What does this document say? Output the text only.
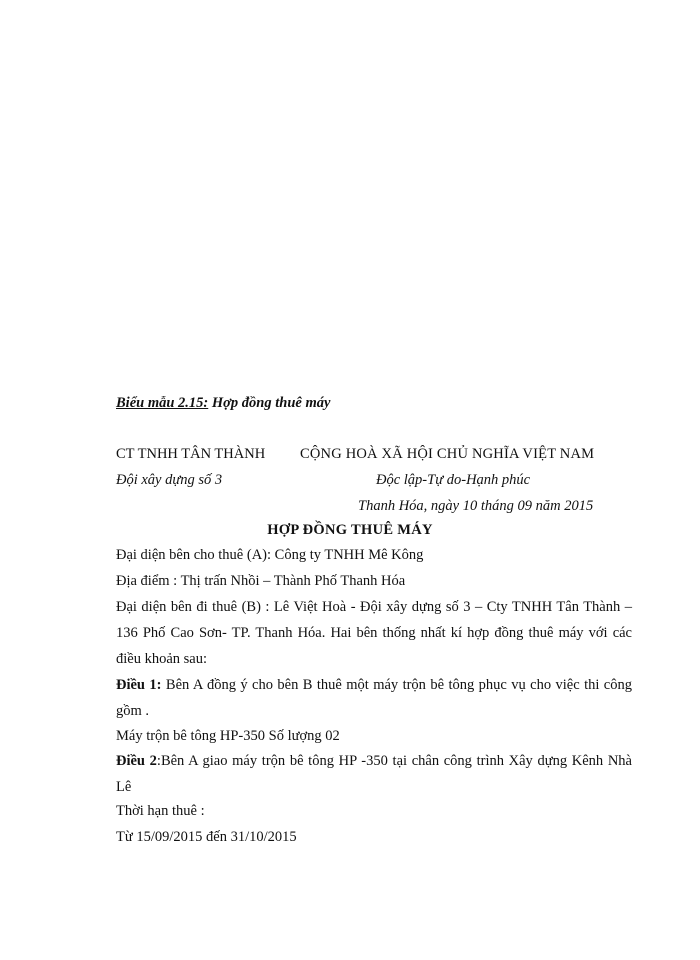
Biểu mẫu 2.15: Hợp đồng thuê máy
CT TNHH TÂN THÀNH CỘNG HOÀ XÃ HỘI CHỦ NGHĨA VIỆT NAM
Đội xây dựng số 3	Độc lập-Tự do-Hạnh phúc
Thanh Hóa, ngày 10 tháng 09 năm 2015
HỢP ĐỒNG THUÊ MÁY
Đại diện bên cho thuê (A): Công ty TNHH Mê Kông
Địa điểm : Thị trấn Nhồi – Thành Phố Thanh Hóa
Đại diện bên đi thuê (B) : Lê Việt Hoà - Đội xây dựng số 3 – Cty TNHH Tân Thành – 136 Phố Cao Sơn- TP. Thanh Hóa. Hai bên thống nhất kí hợp đồng thuê máy với các điều khoản sau:
Điều 1: Bên A đồng ý cho bên B thuê một máy trộn bê tông phục vụ cho việc thi công gồm .
Máy trộn bê tông HP-350 Số lượng 02
Điều 2:Bên A giao máy trộn bê tông HP -350 tại chân công trình Xây dựng Kênh Nhà Lê
Thời hạn thuê :
Từ 15/09/2015 đến 31/10/2015
